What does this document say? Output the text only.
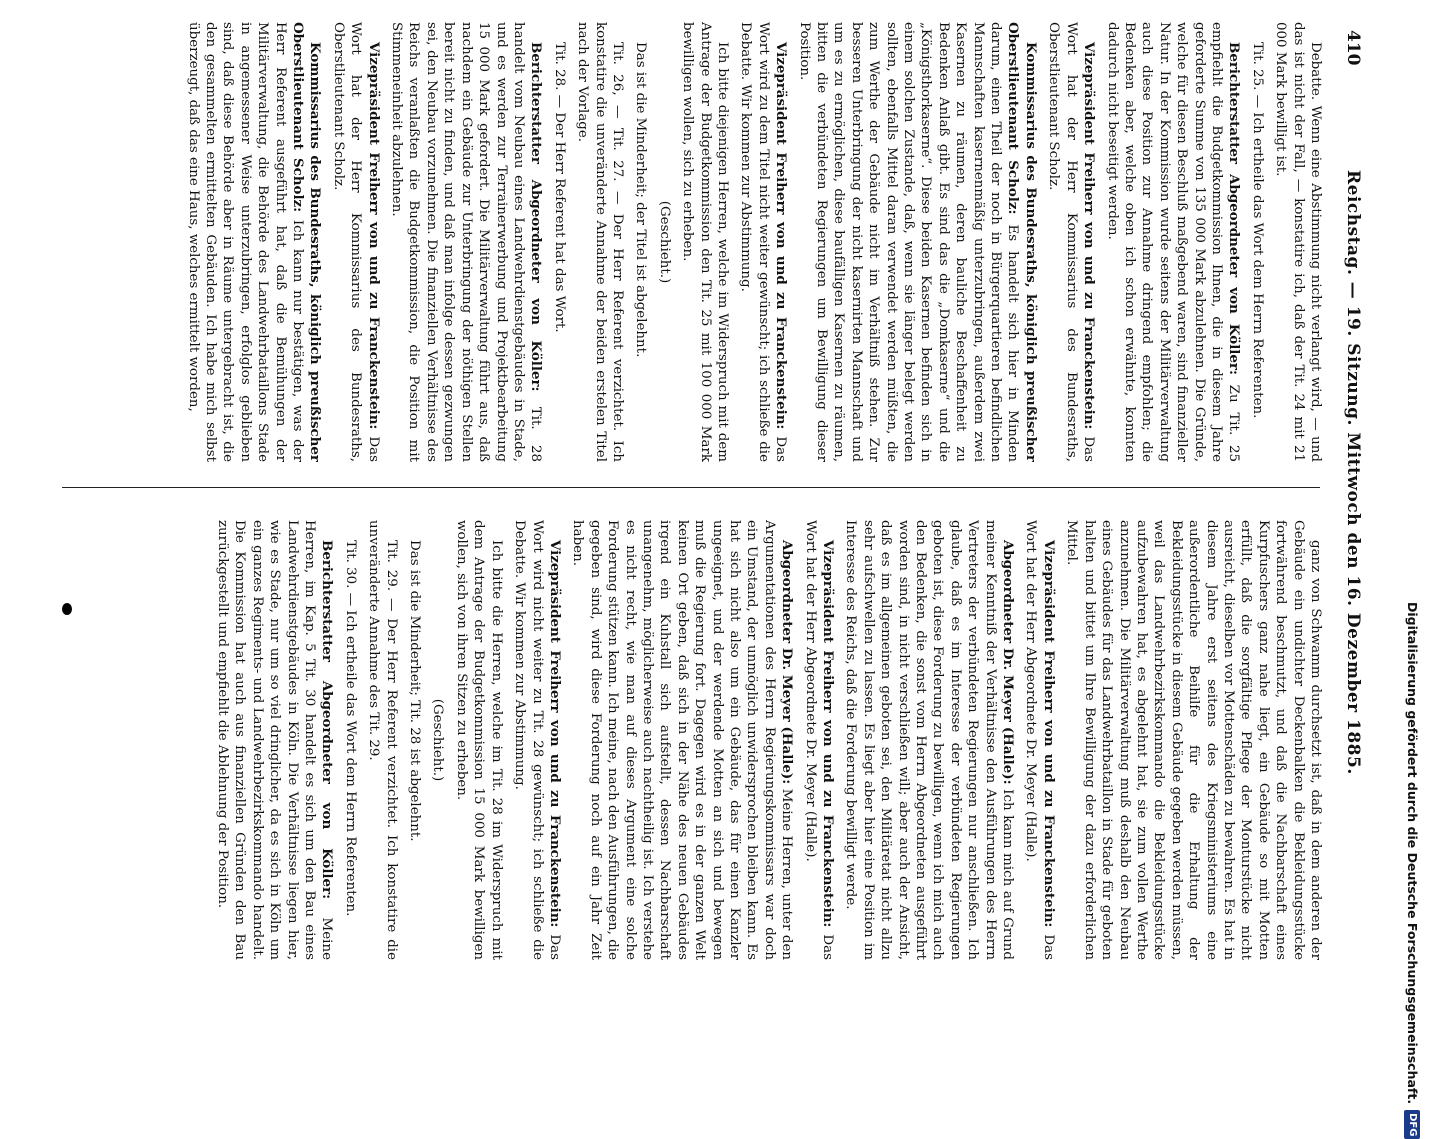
410
Reichstag. — 19. Sitzung. Mittwoch den 16. Dezember 1885.

Debatte. Wenn eine Abstimmung nicht verlangt wird, — und das ist nicht der Fall, — konstatire ich, daß der Tit. 24 mit 21 000 Mark bewilligt ist.

Tit. 25. — Ich ertheile das Wort dem Herrn Referenten.

Berichterstatter Abgeordneter von Köller: Zu Tit. 25 empfiehlt die Budgetkommission Ihnen, die in diesem Jahre geforderte Summe von 135 000 Mark abzulehnen. Die Gründe, welche für diesen Beschluß maßgebend waren, sind finanzieller Natur. In der Kommission wurde seitens der Militärverwaltung auch diese Position zur Annahme dringend empfohlen; die Bedenken aber, welche oben ich schon erwähnte, konnten dadurch nicht beseitigt werden.

Vizepräsident Freiherr von und zu Franckenstein: Das Wort hat der Herr Kommissarius des Bundesraths, Oberstlieutenant Scholz.

Kommissarius des Bundesraths, königlich preußischer Oberstlieutenant Scholz: Es handelt sich hier in Minden darum, einen Theil der noch in Bürgerquartieren befindlichen Mannschaften kasernenmäßig unterzubringen, außerdem zwei Kasernen zu räumen, deren bauliche Beschaffenheit zu Bedenken Anlaß gibt. Es sind das die „Domkaserne“ und die „Königsthorkaserne“. Diese beiden Kasernen befinden sich in einem solchen Zustande, daß, wenn sie länger belegt werden sollten, ebenfalls Mittel daran verwendet werden müßten, die zum Werthe der Gebäude nicht im Verhältniß stehen. Zur besseren Unterbringung der nicht kasernirten Mannschaft und um es zu ermöglichen, diese baufälligen Kasernen zu räumen, bitten die verbündeten Regierungen um Bewilligung dieser Position.

Vizepräsident Freiherr von und zu Franckenstein: Das Wort wird zu dem Titel nicht weiter gewünscht; ich schließe die Debatte. Wir kommen zur Abstimmung.

Ich bitte diejenigen Herren, welche im Widerspruch mit dem Antrage der Budgetkommission den Tit. 25 mit 100 000 Mark bewilligen wollen, sich zu erheben.

(Geschieht.)

Das ist die Minderheit; der Titel ist abgelehnt.

Tit. 26, — Tit. 27. — Der Herr Referent verzichtet. Ich konstatire die unveränderte Annahme der beiden erstelen Titel nach der Vorlage.

Tit. 28. — Der Herr Referent hat das Wort.

Berichterstatter Abgeordneter von Köller: Tit. 28 handelt vom Neubau eines Landwehrdienstgebäudes in Stade, und es werden zur Terrainerwerbung und Projektbearbeitung 15 000 Mark gefordert. Die Militärverwaltung führt aus, daß nachdem ein Gebäude zur Unterbringung der nöthigen Stellen bereit nicht zu finden, und daß man infolge dessen gezwungen sei, den Neubau vorzunehmen. Die finanziellen Verhältnisse des Reichs veranlaßten die Budgetkommission, die Position mit Stimmeneinheit abzulehnen.

Vizepräsident Freiherr von und zu Franckenstein: Das Wort hat der Herr Kommissarius des Bundesraths, Oberstlieutenant Scholz.

Kommissarius des Bundesraths, königlich preußischer Oberstlieutenant Scholz: Ich kann nur bestätigen, was der Herr Referent ausgeführt hat, daß die Bemühungen der Militärverwaltung, die Behörde des Landwehrbataillons Stade in angemessener Weise unterzubringen, erfolglos geblieben sind, daß diese Behörde aber in Räume untergebracht ist, die den gesammelten ermittelten Gebäuden. Ich habe mich selbst überzeugt, daß das eine Haus, welches ermittelt worden,

ganz von Schwamm durchsetzt ist, daß in dem anderen der Gebäude ein undichter Deckenbalken die Bekleidungsstücke fortwährend beschmutzt, und daß die Nachbarschaft eines Kurpfuschers ganz nahe liegt, ein Gebäude so mit Motten erfüllt, daß die sorgfältige Pflege der Monturstücke nicht ausreicht, dieselben vor Mottenschäden zu bewahren. Es hat in diesem Jahre erst seitens des Kriegsministeriums eine außerordentliche Beihilfe für die Erhaltung der Bekleidungsstücke in diesem Gebäude gegeben werden müssen, weil das Landwehrbezirkskommando die Bekleidungsstücke aufzubewahren hat, es abgelehnt hat, sie zum vollen Werthe anzunehmen. Die Militärverwaltung muß deshalb den Neubau eines Gebäudes für das Landwehrbataillon in Stade für geboten halten und bittet um Ihre Bewilligung der dazu erforderlichen Mittel.

Vizepräsident Freiherr von und zu Franckenstein: Das Wort hat der Herr Abgeordnete Dr. Meyer (Halle).

Abgeordneter Dr. Meyer (Halle): Ich kann mich auf Grund meiner Kenntniß der Verhältnisse den Ausführungen des Herrn Vertreters der verbündeten Regierungen nur anschließen. Ich glaube, daß es im Interesse der verbündeten Regierungen geboten ist, diese Forderung zu bewilligen, wenn ich mich auch den Bedenken, die sonst vom Herrn Abgeordneten ausgeführt worden sind, in nicht verschließen will; aber auch der Ansicht, daß es im allgemeinen geboten sei, den Militäretat nicht allzu sehr aufschwellen zu lassen. Es liegt aber hier eine Position im Interesse des Reichs, daß die Forderung bewilligt werde.

Vizepräsident Freiherr von und zu Franckenstein: Das Wort hat der Herr Abgeordnete Dr. Meyer (Halle).

Abgeordneter Dr. Meyer (Halle): Meine Herren, unter den Argumentationen des Herrn Regierungskommissars war doch ein Umstand, der unmöglich unwidersprochen bleiben kann. Es hat sich nicht also um ein Gebäude, das für einen Kanzler ungeeignet, und der werdende Motten an sich und bewegen muß die Regierung fort. Dagegen wird es in der ganzen Welt keinen Ort geben, daß sich in der Nähe des neuen Gebäudes irgend ein Kuhstall sich aufstellt, dessen Nachbarschaft unangenehm, möglicherweise auch nachtheilig ist. Ich verstehe es nicht recht, wie man auf dieses Argument eine solche Forderung stützen kann. Ich meine, nach den Ausführungen, die gegeben sind, wird diese Forderung noch auf ein Jahr Zeit haben.

Vizepräsident Freiherr von und zu Franckenstein: Das Wort wird nicht weiter zu Tit. 28 gewünscht; ich schließe die Debatte. Wir kommen zur Abstimmung.

Ich bitte die Herren, welche im Tit. 28 im Widerspruch mit dem Antrage der Budgetkommission 15 000 Mark bewilligen wollen, sich von ihren Sitzen zu erheben.

(Geschieht.)

Das ist die Minderheit; Tit. 28 ist abgelehnt.

Tit. 29. — Der Herr Referent verzichtet. Ich konstatire die unveränderte Annahme des Tit. 29.

Tit. 30. — Ich ertheile das Wort dem Herrn Referenten.

Berichterstatter Abgeordneter von Köller: Meine Herren, im Kap. 5 Tit. 30 handelt es sich um den Bau eines Landwehrdienstgebäudes in Köln. Die Verhältnisse liegen hier, wie es Stade, nur um so viel dringlicher, da es sich in Köln um ein ganzes Regiments- und Landwehrbezirkskommando handelt. Die Kommission hat auch aus finanziellen Gründen den Bau zurückgestellt und empfiehlt die Ablehnung der Position.	Digitalisierung gefördert durch die Deutsche Forschungsgemeinschaft.
DFG
